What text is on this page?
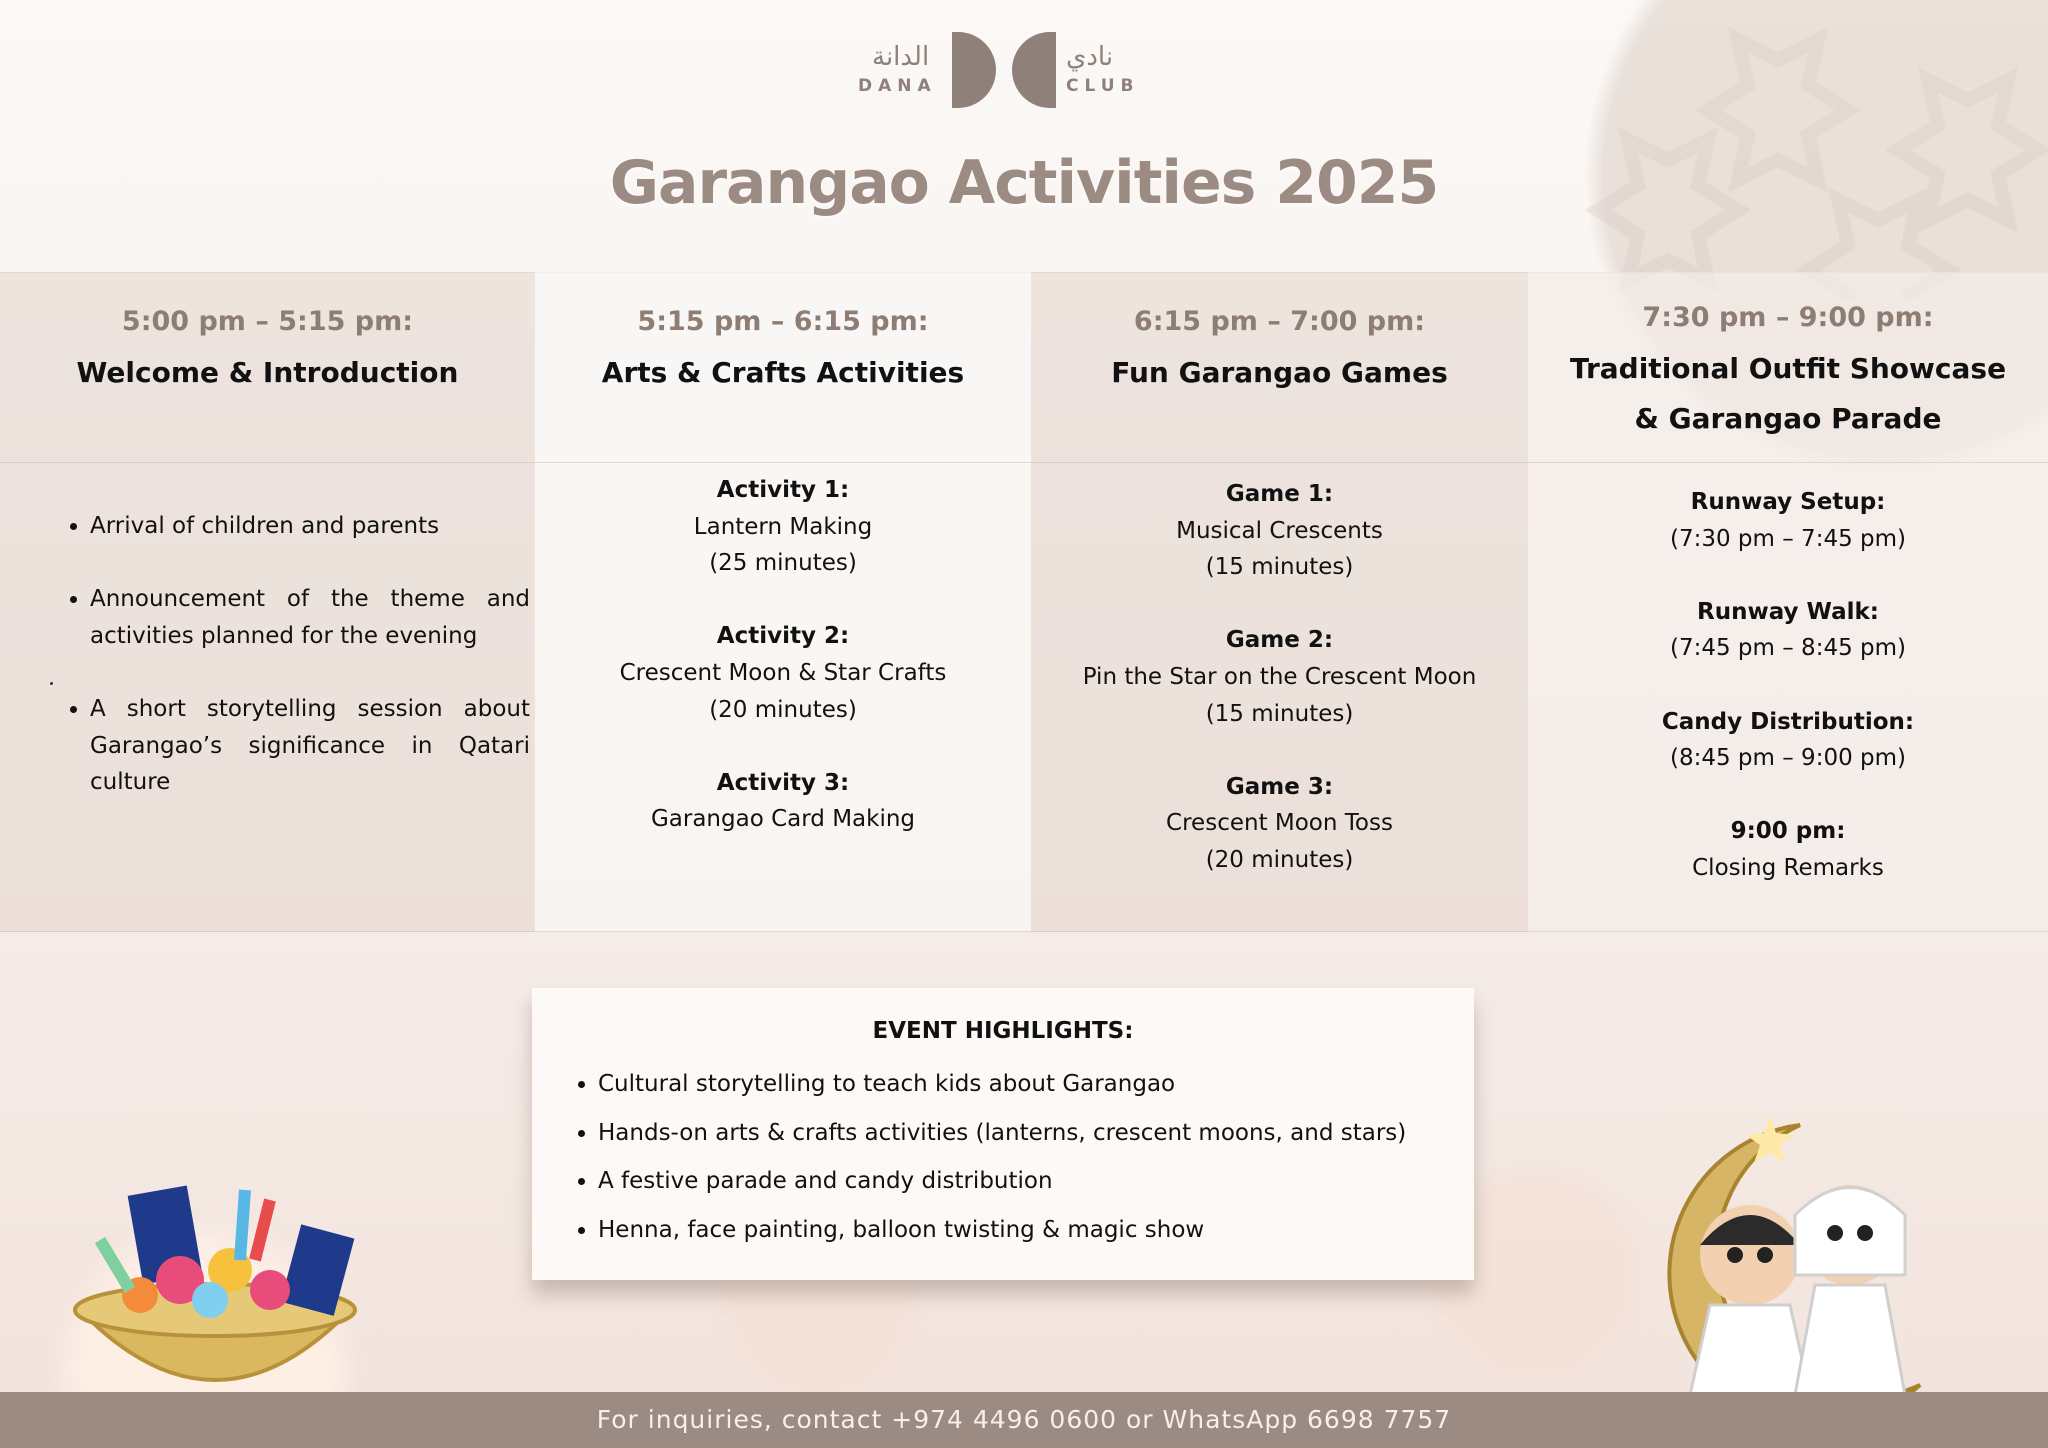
الدانة
DANA
نادي
CLUB
Garangao Activities 2025
5:00 pm – 5:15 pm:
Welcome & Introduction
5:15 pm – 6:15 pm:
Arts & Crafts Activities
Activity 1:
Lantern Making
(25 minutes)
Activity 2:
Crescent Moon & Star Crafts
(20 minutes)
Activity 3:
Garangao Card Making
6:15 pm – 7:00 pm:
Fun Garangao Games
Game 1:
Musical Crescents
(15 minutes)
Game 2:
Pin the Star on the Crescent Moon
(15 minutes)
Game 3:
Crescent Moon Toss
(20 minutes)
7:30 pm – 9:00 pm:
Traditional Outfit Showcase
& Garangao Parade
Runway Setup:
(7:30 pm – 7:45 pm)
Runway Walk:
(7:45 pm – 8:45 pm)
Candy Distribution:
(8:45 pm – 9:00 pm)
9:00 pm:
Closing Remarks
• Arrival of children and parents
• Announcement of the theme and activities planned for the evening
• A short storytelling session about Garangao’s significance in Qatari culture
EVENT HIGHLIGHTS:
• Cultural storytelling to teach kids about Garangao
• Hands-on arts & crafts activities (lanterns, crescent moons, and stars)
• A festive parade and candy distribution
• Henna, face painting, balloon twisting & magic show
For inquiries, contact +974 4496 0600 or WhatsApp 6698 7757
